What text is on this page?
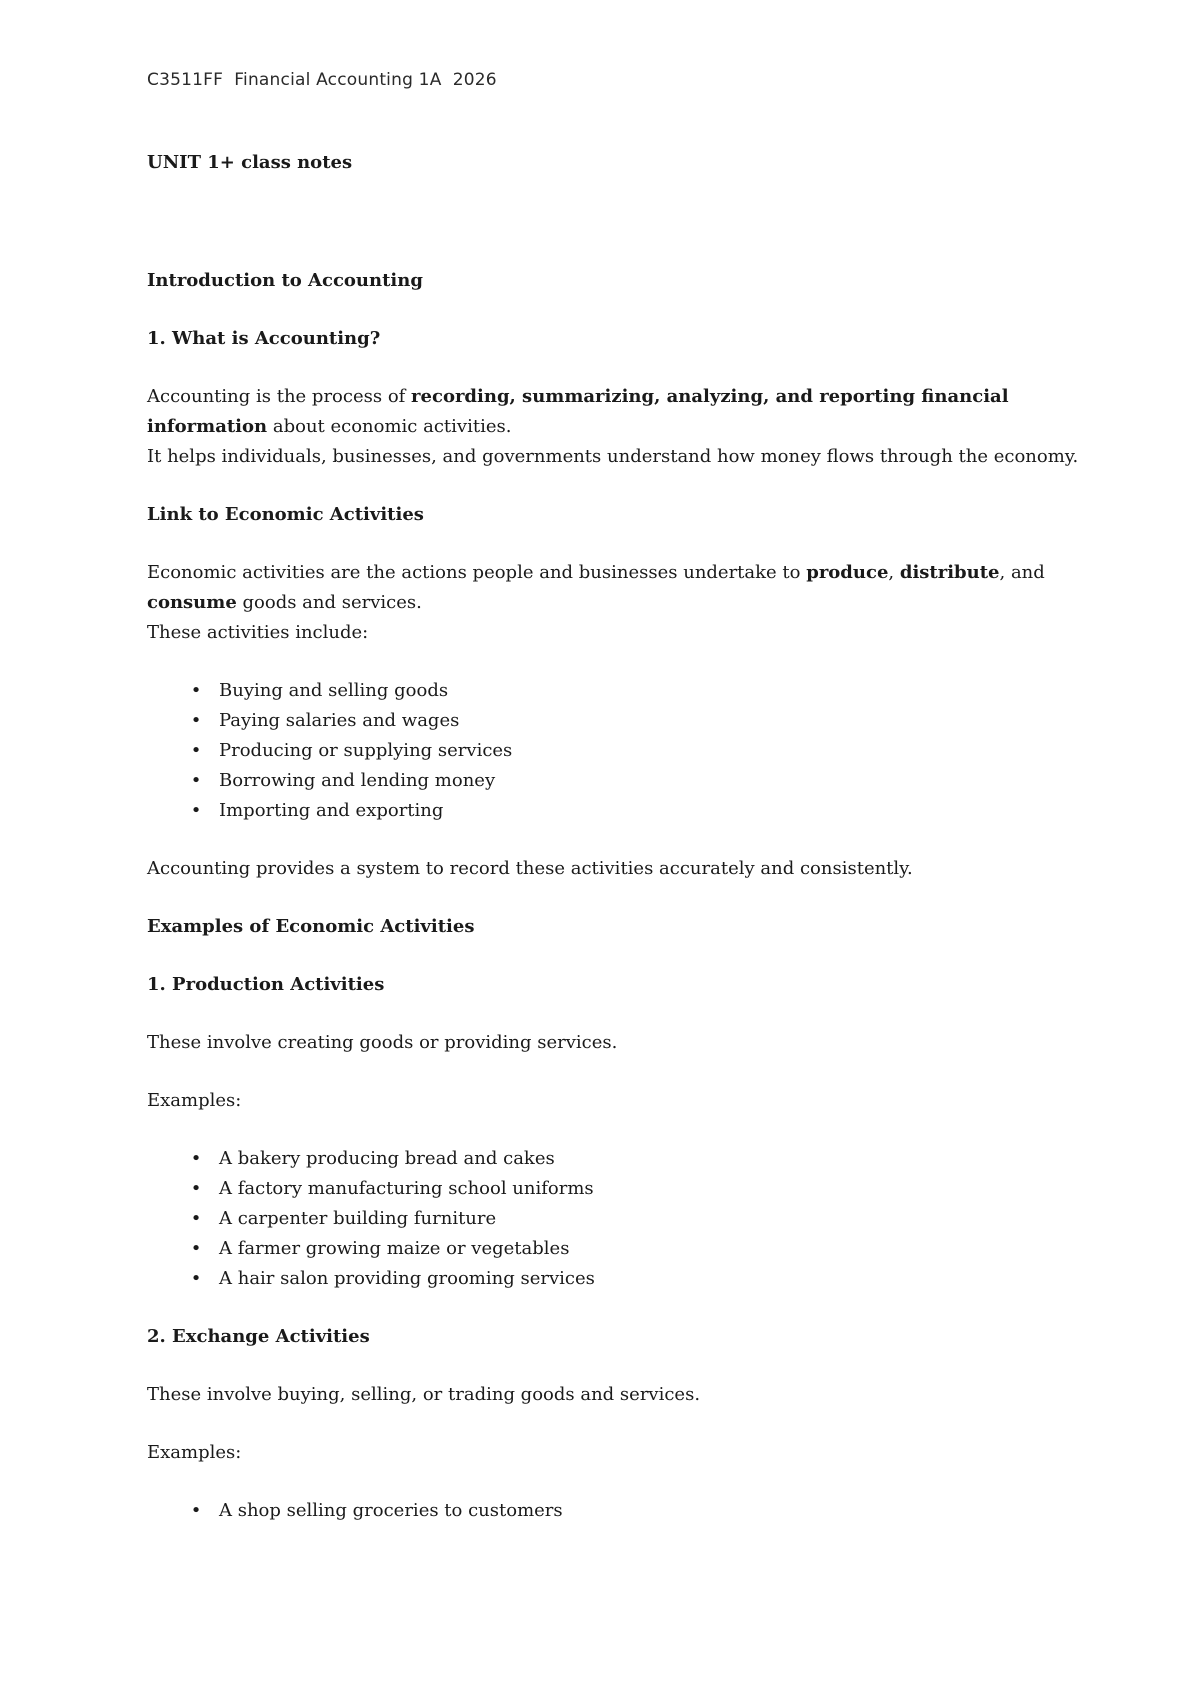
C3511FF  Financial Accounting 1A  2026

UNIT 1+ class notes

Introduction to Accounting

1. What is Accounting?

Accounting is the process of recording, summarizing, analyzing, and reporting financial information about economic activities.

It helps individuals, businesses, and governments understand how money flows through the economy.

Link to Economic Activities

Economic activities are the actions people and businesses undertake to produce, distribute, and consume goods and services.

These activities include:

• Buying and selling goods
• Paying salaries and wages
• Producing or supplying services
• Borrowing and lending money
• Importing and exporting

Accounting provides a system to record these activities accurately and consistently.

Examples of Economic Activities

1. Production Activities

These involve creating goods or providing services.

Examples:

• A bakery producing bread and cakes
• A factory manufacturing school uniforms
• A carpenter building furniture
• A farmer growing maize or vegetables
• A hair salon providing grooming services

2. Exchange Activities

These involve buying, selling, or trading goods and services.

Examples:

• A shop selling groceries to customers
